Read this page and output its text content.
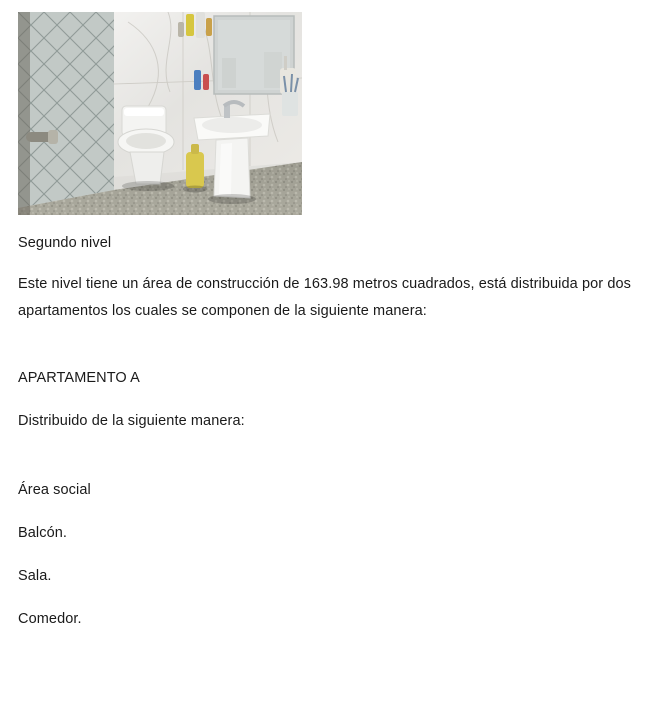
Segundo nivel

Este nivel tiene un área de construcción de 163.98 metros cuadrados, está distribuida por dos apartamentos los cuales se componen de la siguiente manera:

APARTAMENTO A

Distribuido de la siguiente manera:

Área social

Balcón.

Sala.

Comedor.
